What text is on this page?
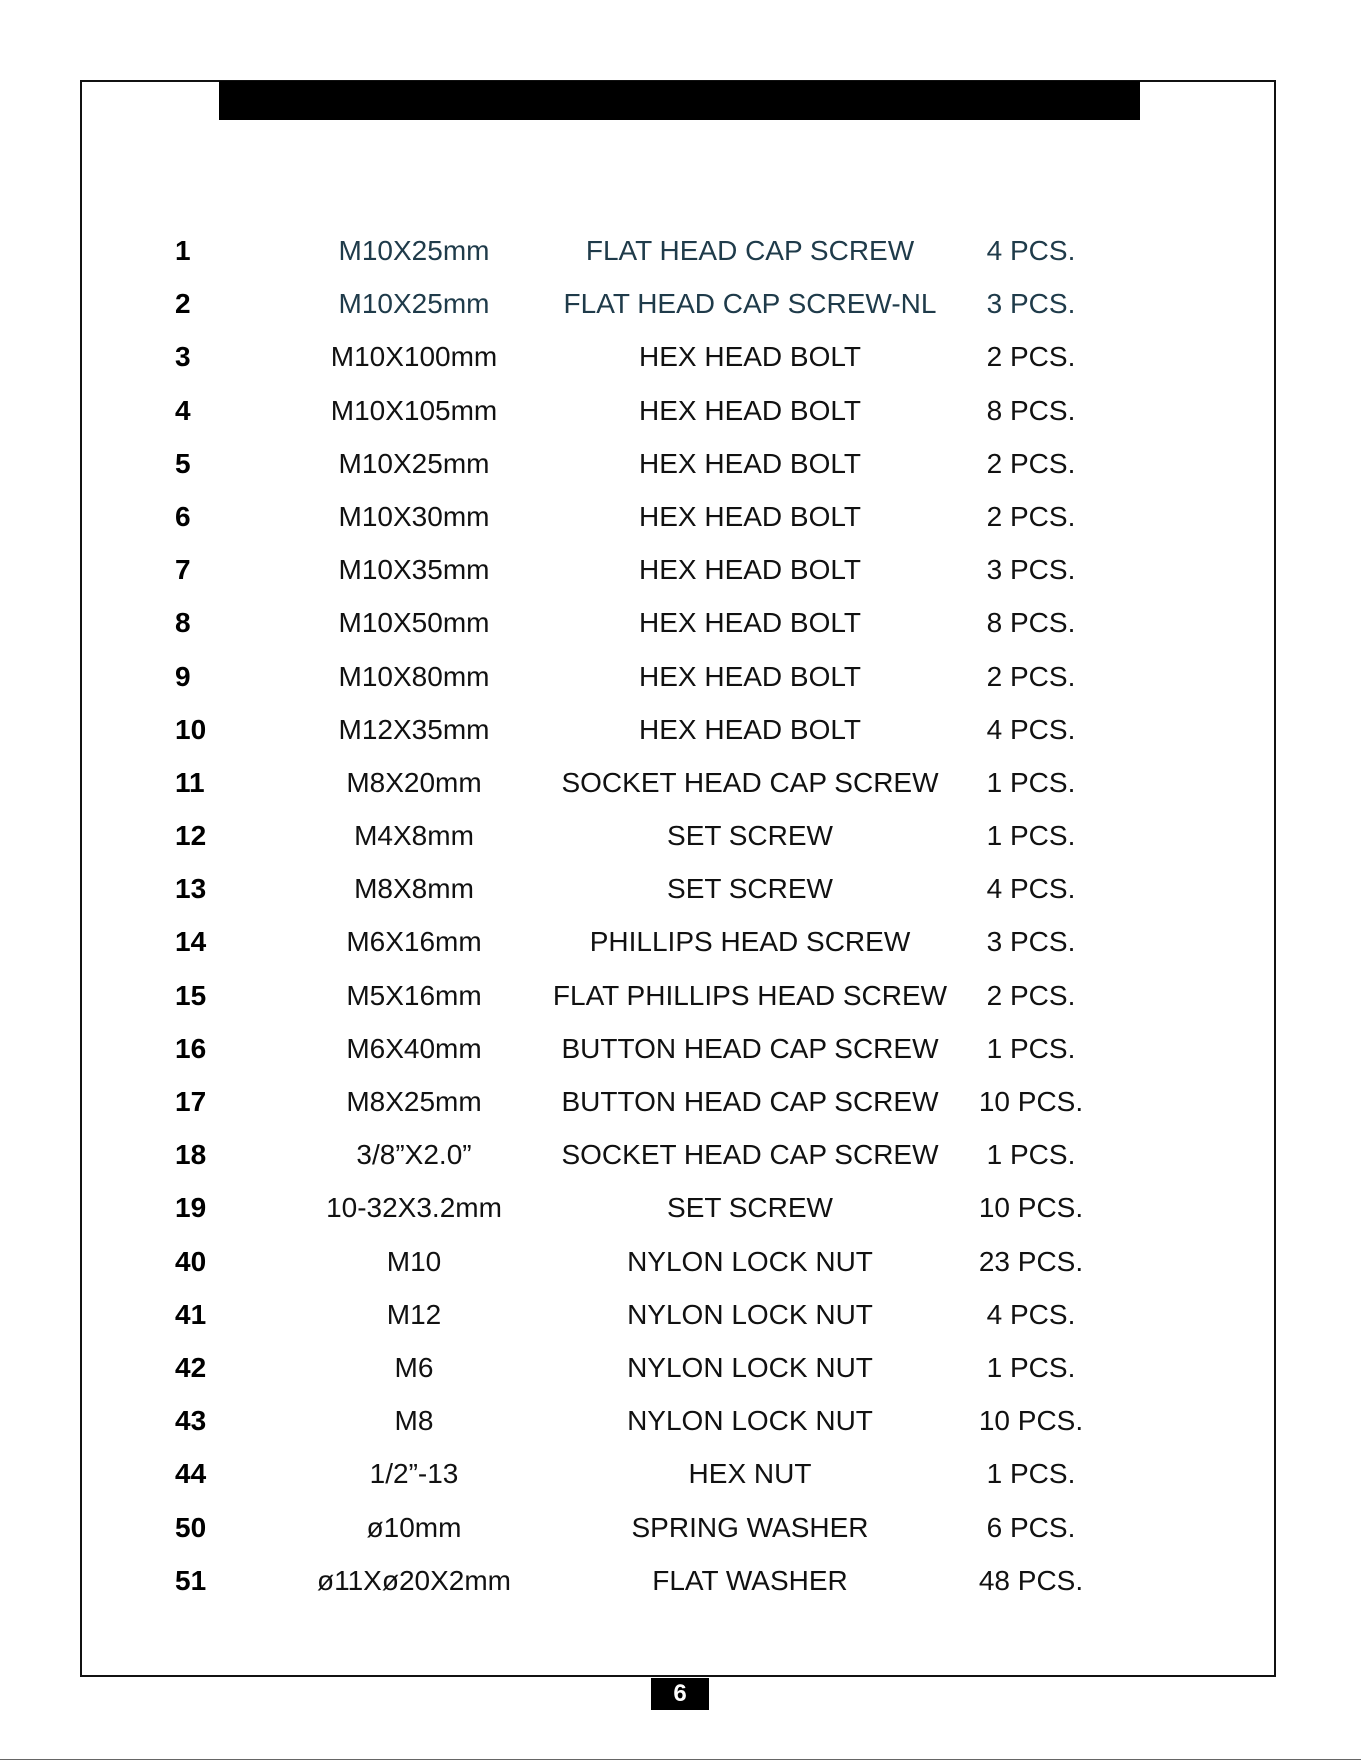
1	M10X25mm	FLAT HEAD CAP SCREW	4 PCS.
2	M10X25mm	FLAT HEAD CAP SCREW-NL 3 PCS.
3	M10X100mm	HEX HEAD BOLT	2 PCS.
4	M10X105mm	HEX HEAD BOLT	8 PCS.
5	M10X25mm	HEX HEAD BOLT	2 PCS.
6	M10X30mm	HEX HEAD BOLT	2 PCS.
7	M10X35mm	HEX HEAD BOLT	3 PCS.
8	M10X50mm	HEX HEAD BOLT	8 PCS.
9	M10X80mm	HEX HEAD BOLT	2 PCS.
10	M12X35mm	HEX HEAD BOLT	4 PCS.
11	M8X20mm	SOCKET HEAD CAP SCREW 1 PCS.
12	M4X8mm	SET SCREW	1 PCS.
13	M8X8mm	SET SCREW	4 PCS.
14	M6X16mm	PHILLIPS HEAD SCREW	3 PCS.
15	M5X16mm	FLAT PHILLIPS HEAD SCREW 2 PCS.
16	M6X40mm	BUTTON HEAD CAP SCREW 1 PCS.
17	M8X25mm	BUTTON HEAD CAP SCREW 10 PCS.
18	3/8”X2.0”	SOCKET HEAD CAP SCREW 1 PCS.
19	10-32X3.2mm	SET SCREW	10 PCS.
40	M10	NYLON LOCK NUT	23 PCS.
41	M12	NYLON LOCK NUT	4 PCS.
42	M6	NYLON LOCK NUT	1 PCS.
43	M8	NYLON LOCK NUT	10 PCS.
44	1/2”-13	HEX NUT	1 PCS.
50	ø10mm	SPRING WASHER	6 PCS.
51	ø11Xø20X2mm	FLAT WASHER	48 PCS.
6
